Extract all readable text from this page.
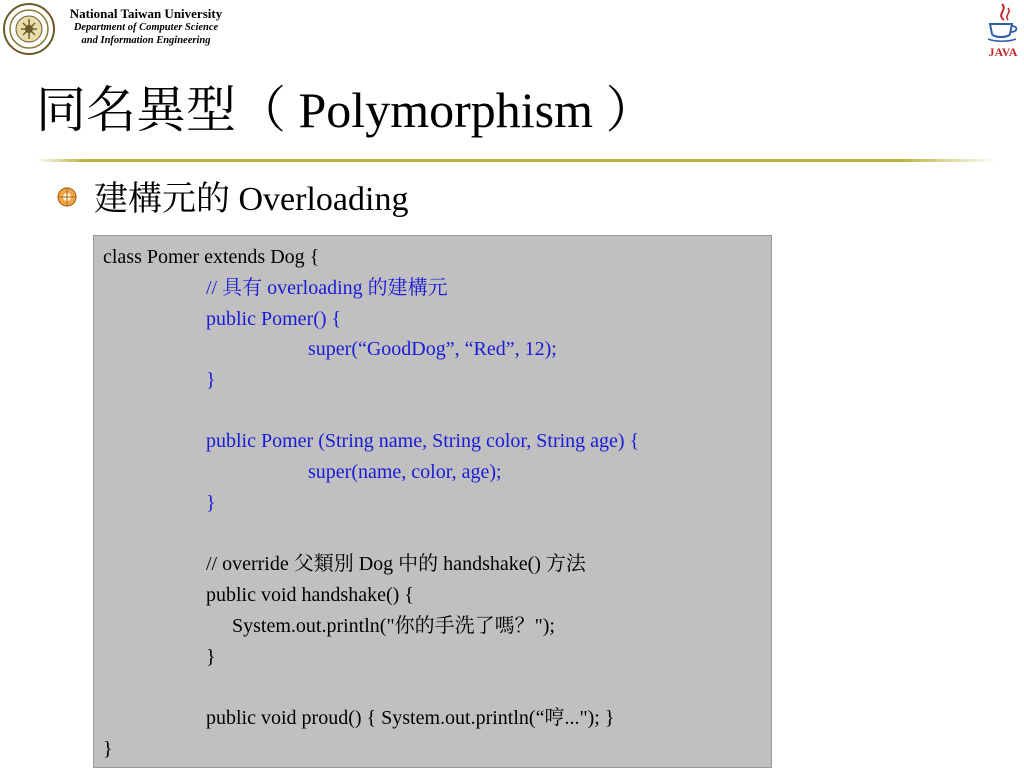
National Taiwan University
Department of Computer Science
and Information Engineering
JAVA
同名異型（ Polymorphism ）
建構元的 Overloading
class Pomer extends Dog {
// 具有 overloading 的建構元
public Pomer() {
super(“GoodDog”, “Red”, 12);
}
public Pomer (String name, String color, String age) {
super(name, color, age);
}
// override 父類別 Dog 中的 handshake() 方法
public void handshake() {
System.out.println("你的手洗了嗎？");
}
public void proud() { System.out.println(“哼..."); }
}
